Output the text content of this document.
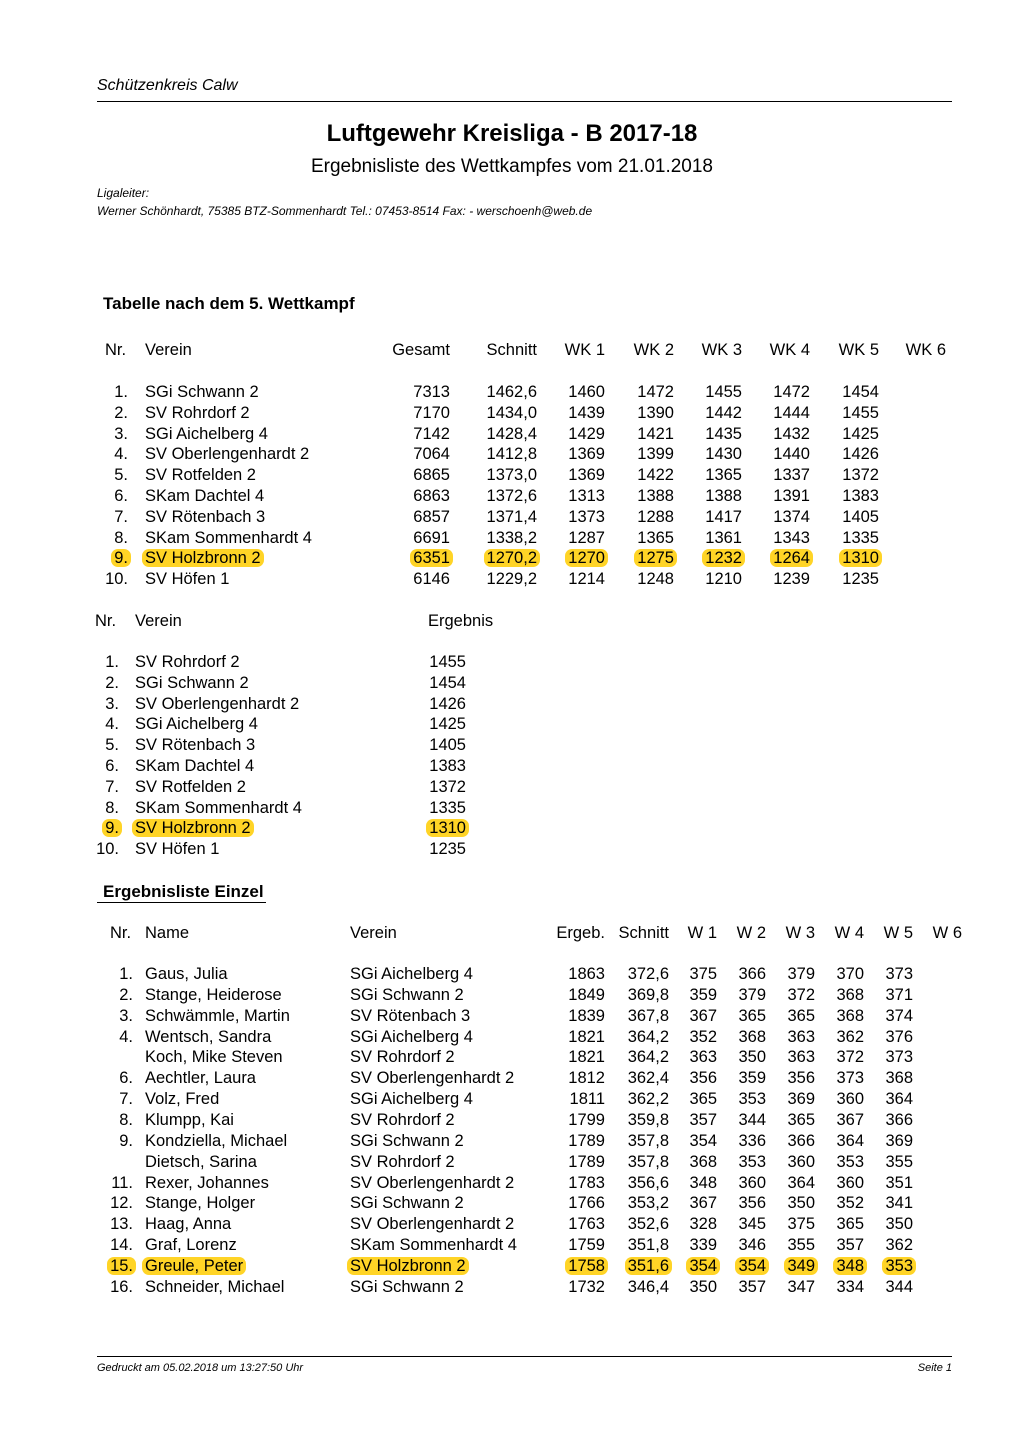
Schützenkreis Calw
Luftgewehr Kreisliga - B 2017-18
Ergebnisliste des Wettkampfes vom 21.01.2018
Ligaleiter:
Werner Schönhardt, 75385 BTZ-Sommenhardt Tel.: 07453-8514 Fax: - werschoenh@web.de
Tabelle nach dem 5. Wettkampf
Nr. Verein	Gesamt Schnitt WK 1 WK 2 WK 3 WK 4 WK 5 WK 6
1. SGi Schwann 2	7313 1462,6 1460 1472 1455 1472 1454
2. SV Rohrdorf 2	7170 1434,0 1439 1390 1442 1444 1455
3. SGi Aichelberg 4	7142 1428,4 1429 1421 1435 1432 1425
4. SV Oberlengenhardt 2	7064 1412,8 1369 1399 1430 1440 1426
5. SV Rotfelden 2	6865 1373,0 1369 1422 1365 1337 1372
6. SKam Dachtel 4	6863 1372,6 1313 1388 1388 1391 1383
7. SV Rötenbach 3	6857 1371,4 1373 1288 1417 1374 1405
8. SKam Sommenhardt 4	6691 1338,2 1287 1365 1361 1343 1335
9. SV Holzbronn 2	6351 1270,2 1270 1275 1232 1264 1310
10. SV Höfen 1	6146 1229,2 1214 1248 1210 1239 1235
Nr. Verein	Ergebnis
1. SV Rohrdorf 2	1455
2. SGi Schwann 2	1454
3. SV Oberlengenhardt 2	1426
4. SGi Aichelberg 4	1425
5. SV Rötenbach 3	1405
6. SKam Dachtel 4	1383
7. SV Rotfelden 2	1372
8. SKam Sommenhardt 4	1335
9. SV Holzbronn 2	1310
10. SV Höfen 1	1235
Ergebnisliste Einzel
Nr. Name	Verein	Ergeb. Schnitt W 1 W 2 W 3 W 4 W 5 W 6
1. Gaus, Julia	SGi Aichelberg 4	1863 372,6 375 366 379 370 373
2. Stange, Heiderose	SGi Schwann 2	1849 369,8 359 379 372 368 371
3. Schwämmle, Martin	SV Rötenbach 3	1839 367,8 367 365 365 368 374
4. Wentsch, Sandra	SGi Aichelberg 4	1821 364,2 352 368 363 362 376
Koch, Mike Steven	SV Rohrdorf 2	1821 364,2 363 350 363 372 373
6. Aechtler, Laura	SV Oberlengenhardt 2	1812 362,4 356 359 356 373 368
7. Volz, Fred	SGi Aichelberg 4	1811 362,2 365 353 369 360 364
8. Klumpp, Kai	SV Rohrdorf 2	1799 359,8 357 344 365 367 366
9. Kondziella, Michael	SGi Schwann 2	1789 357,8 354 336 366 364 369
Dietsch, Sarina	SV Rohrdorf 2	1789 357,8 368 353 360 353 355
11. Rexer, Johannes	SV Oberlengenhardt 2	1783 356,6 348 360 364 360 351
12. Stange, Holger	SGi Schwann 2	1766 353,2 367 356 350 352 341
13. Haag, Anna	SV Oberlengenhardt 2	1763 352,6 328 345 375 365 350
14. Graf, Lorenz	SKam Sommenhardt 4	1759 351,8 339 346 355 357 362
15. Greule, Peter	SV Holzbronn 2	1758 351,6 354 354 349 348 353
16. Schneider, Michael	SGi Schwann 2	1732 346,4 350 357 347 334 344
Gedruckt am 05.02.2018 um 13:27:50 Uhr	Seite 1
